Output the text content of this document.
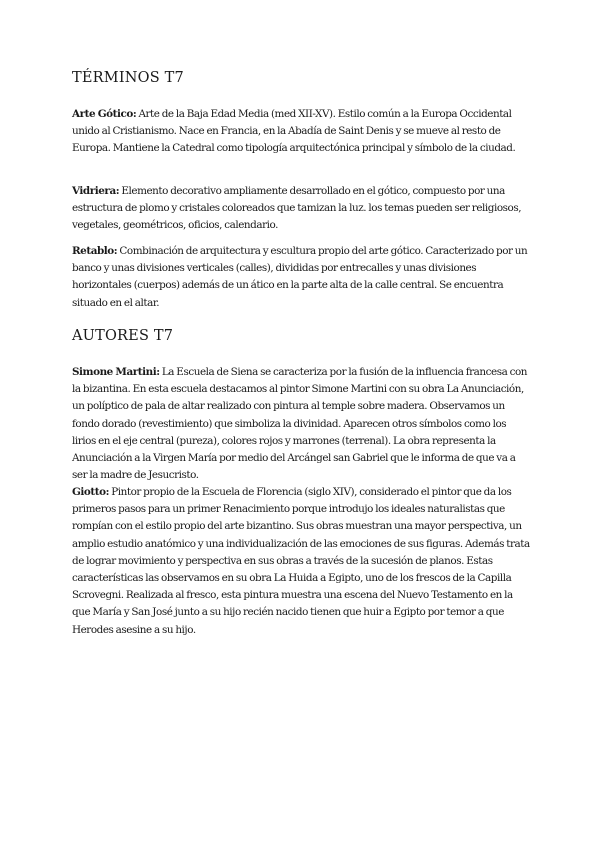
TÉRMINOS T7

Arte Gótico: Arte de la Baja Edad Media (med XII-XV). Estilo común a la Europa Occidental unido al Cristianismo. Nace en Francia, en la Abadía de Saint Denis y se mueve al resto de Europa. Mantiene la Catedral como tipología arquitectónica principal y símbolo de la ciudad.

Vidriera: Elemento decorativo ampliamente desarrollado en el gótico, compuesto por una estructura de plomo y cristales coloreados que tamizan la luz. los temas pueden ser religiosos, vegetales, geométricos, oficios, calendario.

Retablo: Combinación de arquitectura y escultura propio del arte gótico. Caracterizado por un banco y unas divisiones verticales (calles), divididas por entrecalles y unas divisiones horizontales (cuerpos) además de un ático en la parte alta de la calle central. Se encuentra situado en el altar.

AUTORES T7

Simone Martini: La Escuela de Siena se caracteriza por la fusión de la influencia francesa con la bizantina. En esta escuela destacamos al pintor Simone Martini con su obra La Anunciación, un políptico de pala de altar realizado con pintura al temple sobre madera. Observamos un fondo dorado (revestimiento) que simboliza la divinidad. Aparecen otros símbolos como los lirios en el eje central (pureza), colores rojos y marrones (terrenal). La obra representa la Anunciación a la Virgen María por medio del Arcángel san Gabriel que le informa de que va a ser la madre de Jesucristo.

Giotto: Pintor propio de la Escuela de Florencia (siglo XIV), considerado el pintor que da los primeros pasos para un primer Renacimiento porque introdujo los ideales naturalistas que rompían con el estilo propio del arte bizantino. Sus obras muestran una mayor perspectiva, un amplio estudio anatómico y una individualización de las emociones de sus figuras. Además trata de lograr movimiento y perspectiva en sus obras a través de la sucesión de planos. Estas características las observamos en su obra La Huida a Egipto, uno de los frescos de la Capilla Scrovegni. Realizada al fresco, esta pintura muestra una escena del Nuevo Testamento en la que María y San José junto a su hijo recién nacido tienen que huir a Egipto por temor a que Herodes asesine a su hijo.
